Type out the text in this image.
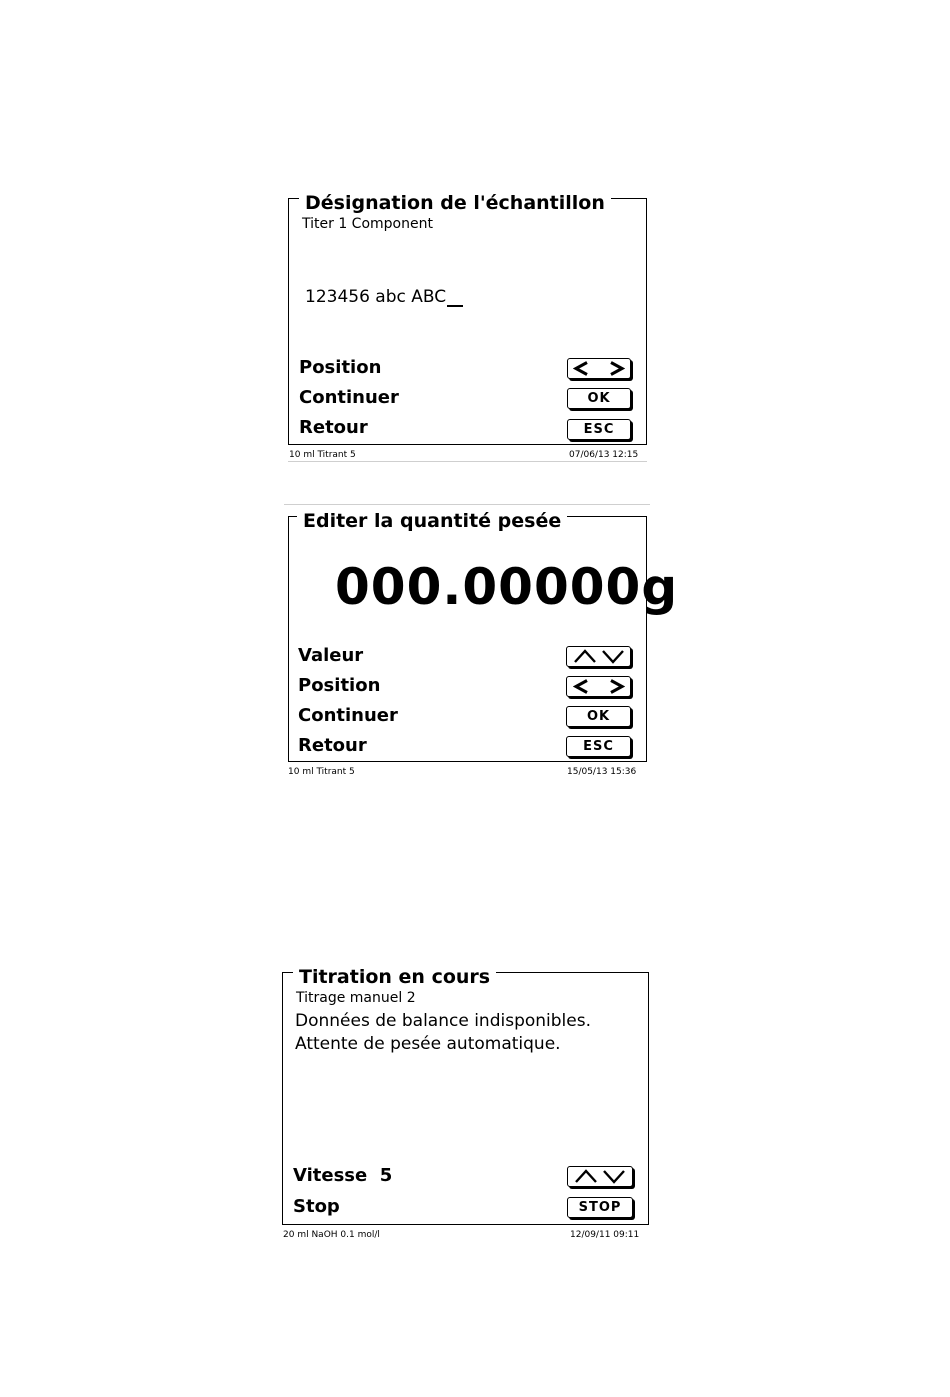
Désignation de l'échantillon
Titer 1 Component
123456 abc ABC
Position
Continuer	OK
Retour	ESC
10 ml Titrant 5	07/06/13 12:15
Editer la quantité pesée
000.00000g
Valeur
Position
Continuer	OK
Retour	ESC
10 ml Titrant 5	15/05/13 15:36
Titration en cours
Titrage manuel 2
Données de balance indisponibles.
Attente de pesée automatique.
Vitesse  5
Stop	STOP
20 ml NaOH 0.1 mol/l	12/09/11 09:11
